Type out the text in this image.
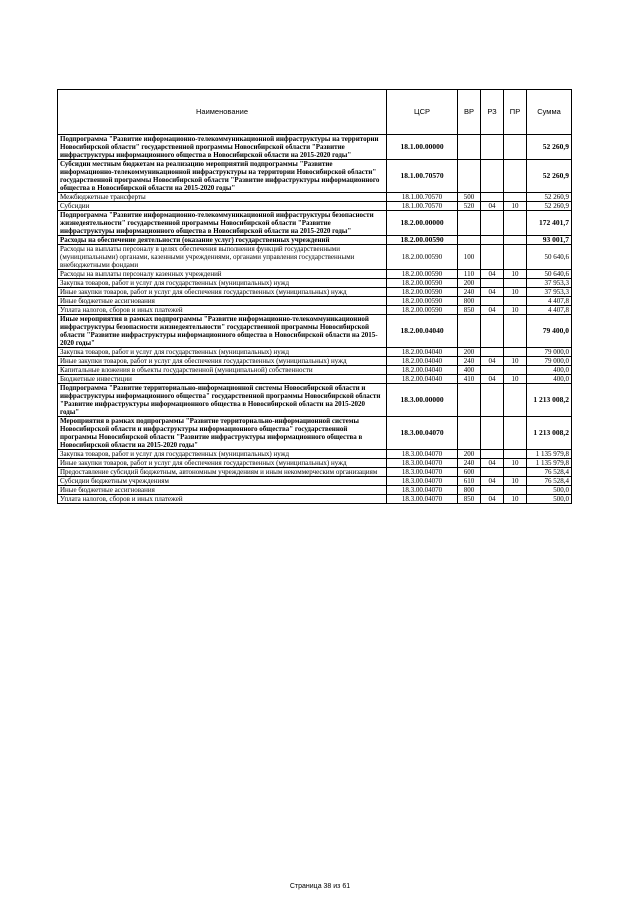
Наименование	ЦСР	ВР	РЗ	ПР	Сумма
Подпрограмма "Развитие информационно-телекоммуникационной инфраструктуры на территории Новосибирской области" государственной программы Новосибирской области "Развитие инфраструктуры информационного общества в Новосибирской области на 2015-2020 годы"	18.1.00.00000				52 260,9
Субсидии местным бюджетам на реализацию мероприятий подпрограммы "Развитие информационно-телекоммуникационной инфраструктуры на территории Новосибирской области" государственной программы Новосибирской области "Развитие инфраструктуры информационного общества в Новосибирской области на 2015-2020 годы"	18.1.00.70570				52 260,9
Межбюджетные трансферты	18.1.00.70570	500			52 260,9
Субсидии	18.1.00.70570	520	04	10	52 260,9
Подпрограмма "Развитие информационно-телекоммуникационной инфраструктуры безопасности жизнедеятельности" государственной программы Новосибирской области "Развитие инфраструктуры информационного общества в Новосибирской области на 2015-2020 годы"	18.2.00.00000				172 401,7
Расходы на обеспечение деятельности (оказание услуг) государственных учреждений	18.2.00.00590				93 001,7
Расходы на выплаты персоналу в целях обеспечения выполнения функций государственными (муниципальными) органами, казенными учреждениями, органами управления государственными внебюджетными фондами	18.2.00.00590	100			50 640,6
Расходы на выплаты персоналу казенных учреждений	18.2.00.00590	110	04	10	50 640,6
Закупка товаров, работ и услуг для государственных (муниципальных) нужд	18.2.00.00590	200			37 953,3
Иные закупки товаров, работ и услуг для обеспечения государственных (муниципальных) нужд	18.2.00.00590	240	04	10	37 953,3
Иные бюджетные ассигнования	18.2.00.00590	800			4 407,8
Уплата налогов, сборов и иных платежей	18.2.00.00590	850	04	10	4 407,8
Иные мероприятия в рамках подпрограммы "Развитие информационно-телекоммуникационной инфраструктуры безопасности жизнедеятельности" государственной программы Новосибирской области "Развитие инфраструктуры информационного общества в Новосибирской области на 2015-2020 годы"	18.2.00.04040				79 400,0
Закупка товаров, работ и услуг для государственных (муниципальных) нужд	18.2.00.04040	200			79 000,0
Иные закупки товаров, работ и услуг для обеспечения государственных (муниципальных) нужд	18.2.00.04040	240	04	10	79 000,0
Капитальные вложения в объекты государственной (муниципальной) собственности	18.2.00.04040	400			400,0
Бюджетные инвестиции	18.2.00.04040	410	04	10	400,0
Подпрограмма "Развитие территориально-информационной системы Новосибирской области и инфраструктуры информационного общества" государственной программы Новосибирской области "Развитие инфраструктуры информационного общества в Новосибирской области на 2015-2020 годы"	18.3.00.00000				1 213 008,2
Мероприятия в рамках подпрограммы "Развитие территориально-информационной системы Новосибирской области и инфраструктуры информационного общества" государственной программы Новосибирской области "Развитие инфраструктуры информационного общества в Новосибирской области на 2015-2020 годы"	18.3.00.04070				1 213 008,2
Закупка товаров, работ и услуг для государственных (муниципальных) нужд	18.3.00.04070	200			1 135 979,8
Иные закупки товаров, работ и услуг для обеспечения государственных (муниципальных) нужд	18.3.00.04070	240	04	10	1 135 979,8
Предоставление субсидий бюджетным, автономным учреждениям и иным некоммерческим организациям	18.3.00.04070	600			76 528,4
Субсидии бюджетным учреждениям	18.3.00.04070	610	04	10	76 528,4
Иные бюджетные ассигнования	18.3.00.04070	800			500,0
Уплата налогов, сборов и иных платежей	18.3.00.04070	850	04	10	500,0
Страница 38 из 61
